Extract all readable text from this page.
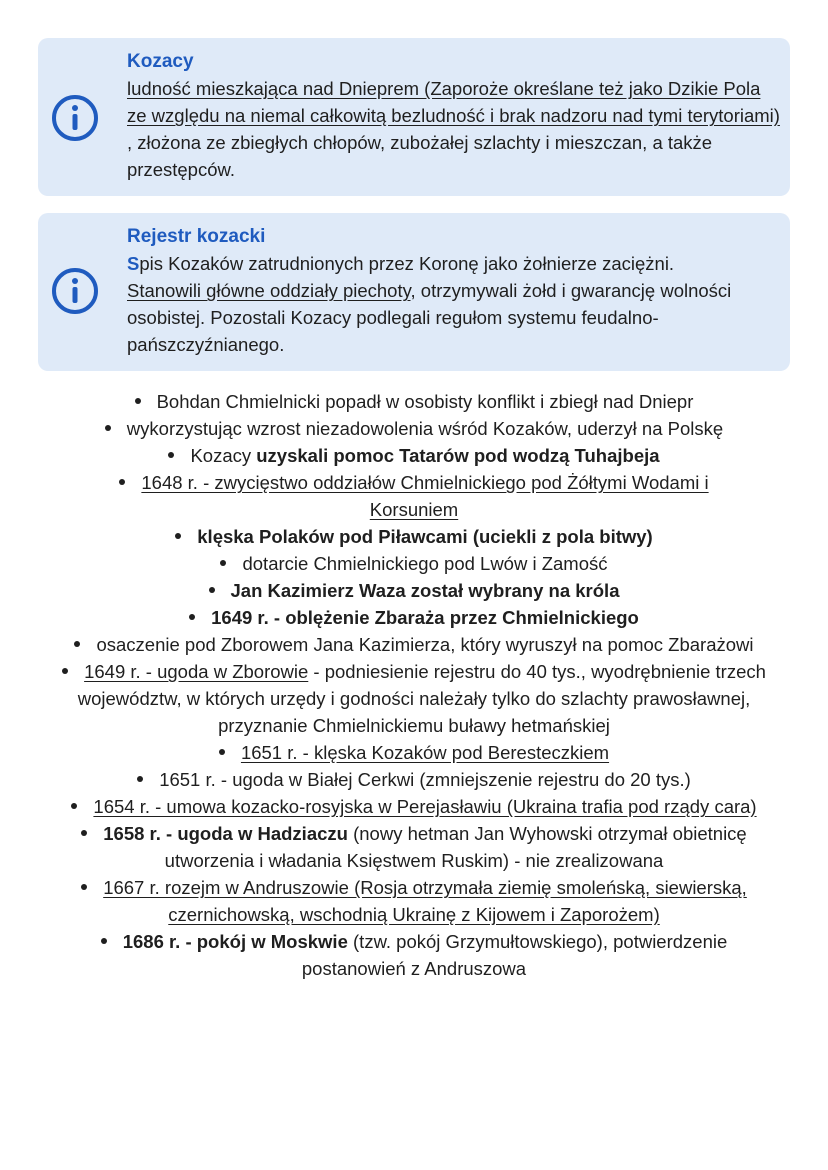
Kozacy
ludność mieszkająca nad Dnieprem (Zaporoże określane też jako Dzikie Pola ze względu na niemal całkowitą bezludność i brak nadzoru nad tymi terytoriami) , złożona ze zbiegłych chłopów, zubożałej szlachty i mieszczan, a także przestępców.
Rejestr kozacki
Spis Kozaków zatrudnionych przez Koronę jako żołnierze zaciężni.
Stanowili główne oddziały piechoty, otrzymywali żołd i gwarancję wolności osobistej. Pozostali Kozacy podlegali regułom systemu feudalno-pańszczyźnianego.
Bohdan Chmielnicki popadł w osobisty konflikt i zbiegł nad Dniepr
wykorzystując wzrost niezadowolenia wśród Kozaków, uderzył na Polskę
Kozacy uzyskali pomoc Tatarów pod wodzą Tuhajbeja
1648 r. - zwycięstwo oddziałów Chmielnickiego pod Żółtymi Wodami i Korsuniem
klęska Polaków pod Piławcami (uciekli z pola bitwy)
dotarcie Chmielnickiego pod Lwów i Zamość
Jan Kazimierz Waza został wybrany na króla
1649 r. - oblężenie Zbaraża przez Chmielnickiego
osaczenie pod Zborowem Jana Kazimierza, który wyruszył na pomoc Zbarażowi
1649 r. - ugoda w Zborowie - podniesienie rejestru do 40 tys., wyodrębnienie trzech województw, w których urzędy i godności należały tylko do szlachty prawosławnej, przyznanie Chmielnickiemu buławy hetmańskiej
1651 r. - klęska Kozaków pod Beresteczkiem
1651 r. - ugoda w Białej Cerkwi (zmniejszenie rejestru do 20 tys.)
1654 r. - umowa kozacko-rosyjska w Perejasławiu (Ukraina trafia pod rządy cara)
1658 r. - ugoda w Hadziaczu (nowy hetman Jan Wyhowski otrzymał obietnicę utworzenia i władania Księstwem Ruskim) - nie zrealizowana
1667 r. rozejm w Andruszowie (Rosja otrzymała ziemię smoleńską, siewierską, czernichowską, wschodnią Ukrainę z Kijowem i Zaporożem)
1686 r. - pokój w Moskwie (tzw. pokój Grzymułtowskiego), potwierdzenie postanowień z Andruszowa
